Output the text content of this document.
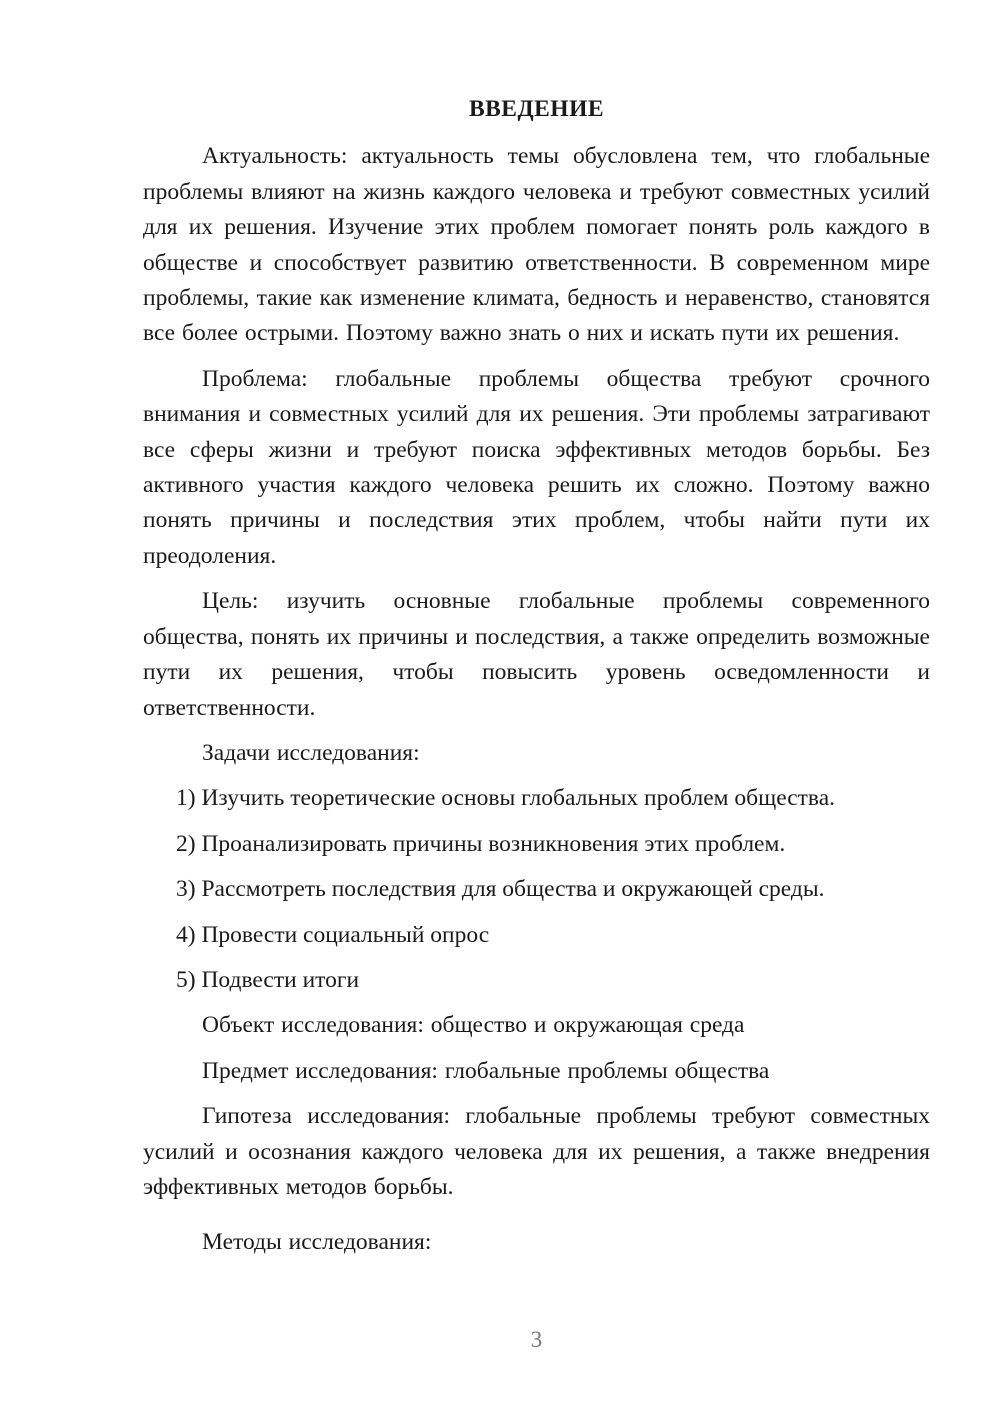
ВВЕДЕНИЕ

Актуальность: актуальность темы обусловлена тем, что глобальные проблемы влияют на жизнь каждого человека и требуют совместных усилий для их решения. Изучение этих проблем помогает понять роль каждого в обществе и способствует развитию ответственности. В современном мире проблемы, такие как изменение климата, бедность и неравенство, становятся все более острыми. Поэтому важно знать о них и искать пути их решения.

Проблема: глобальные проблемы общества требуют срочного внимания и совместных усилий для их решения. Эти проблемы затрагивают все сферы жизни и требуют поиска эффективных методов борьбы. Без активного участия каждого человека решить их сложно. Поэтому важно понять причины и последствия этих проблем, чтобы найти пути их преодоления.

Цель: изучить основные глобальные проблемы современного общества, понять их причины и последствия, а также определить возможные пути их решения, чтобы повысить уровень осведомленности и ответственности.

Задачи исследования:

1) Изучить теоретические основы глобальных проблем общества.

2) Проанализировать причины возникновения этих проблем.

3) Рассмотреть последствия для общества и окружающей среды.

4) Провести социальный опрос

5) Подвести итоги

Объект исследования: общество и окружающая среда

Предмет исследования: глобальные проблемы общества

Гипотеза исследования: глобальные проблемы требуют совместных усилий и осознания каждого человека для их решения, а также внедрения эффективных методов борьбы.

Методы исследования:

3
